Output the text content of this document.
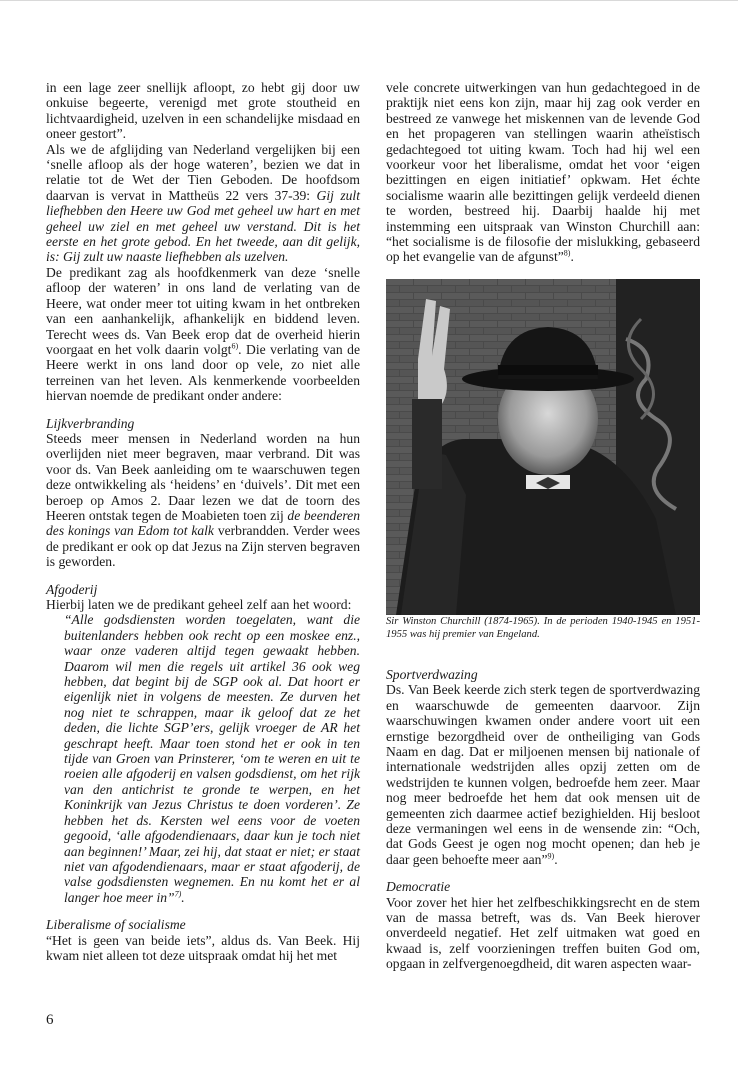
in een lage zeer snellijk afloopt, zo hebt gij door uw onkuise begeerte, verenigd met grote stoutheid en lichtvaardigheid, uzelven in een schandelijke misdaad en oneer gestort”.

Als we de afglijding van Nederland vergelijken bij een ‘snelle afloop als der hoge wateren’, bezien we dat in relatie tot de Wet der Tien Geboden. De hoofdsom daarvan is vervat in Mattheüs 22 vers 37-39: Gij zult liefhebben den Heere uw God met geheel uw hart en met geheel uw ziel en met geheel uw verstand. Dit is het eerste en het grote gebod. En het tweede, aan dit gelijk, is: Gij zult uw naaste liefhebben als uzelven.

De predikant zag als hoofdkenmerk van deze ‘snelle afloop der wateren’ in ons land de verlating van de Heere, wat onder meer tot uiting kwam in het ontbreken van een aanhankelijk, afhankelijk en biddend leven. Terecht wees ds. Van Beek erop dat de overheid hierin voorgaat en het volk daarin volgt$^{6)}$. Die verlating van de Heere werkt in ons land door op vele, zo niet alle terreinen van het leven. Als kenmerkende voorbeelden hiervan noemde de predikant onder andere:

Lijkverbranding

Steeds meer mensen in Nederland worden na hun overlijden niet meer begraven, maar verbrand. Dit was voor ds. Van Beek aanleiding om te waarschuwen tegen deze ontwikkeling als ‘heidens’ en ‘duivels’. Dit met een beroep op Amos 2. Daar lezen we dat de toorn des Heeren ontstak tegen de Moabieten toen zij de beenderen des konings van Edom tot kalk verbrandden. Verder wees de predikant er ook op dat Jezus na Zijn sterven begraven is geworden.

Afgoderij

Hierbij laten we de predikant geheel zelf aan het woord:

“Alle godsdiensten worden toegelaten, want die buitenlanders hebben ook recht op een moskee enz., waar onze vaderen altijd tegen gewaakt hebben. Daarom wil men die regels uit artikel 36 ook weg hebben, dat begint bij de SGP ook al. Dat hoort er eigenlijk niet in volgens de meesten. Ze durven het nog niet te schrappen, maar ik geloof dat ze het deden, die lichte SGP’ers, gelijk vroeger de AR het geschrapt heeft. Maar toen stond het er ook in ten tijde van Groen van Prinsterer, ‘om te weren en uit te roeien alle afgoderij en valsen godsdienst, om het rijk van den antichrist te gronde te werpen, en het Koninkrijk van Jezus Christus te doen vorderen’. Ze hebben het ds. Kersten wel eens voor de voeten gegooid, ‘alle afgodendienaars, daar kun je toch niet aan beginnen!’ Maar, zei hij, dat staat er niet; er staat niet van afgodendienaars, maar er staat afgoderij, de valse godsdiensten wegnemen. En nu komt het er al langer hoe meer in”$^{7)}$.

Liberalisme of socialisme

“Het is geen van beide iets”, aldus ds. Van Beek. Hij kwam niet alleen tot deze uitspraak omdat hij het met

vele concrete uitwerkingen van hun gedachtegoed in de praktijk niet eens kon zijn, maar hij zag ook verder en bestreed ze vanwege het miskennen van de levende God en het propageren van stellingen waarin atheïstisch gedachtegoed tot uiting kwam. Toch had hij wel een voorkeur voor het liberalisme, omdat het voor ‘eigen bezittingen en eigen initiatief’ opkwam. Het échte socialisme waarin alle bezittingen gelijk verdeeld dienen te worden, bestreed hij. Daarbij haalde hij met instemming een uitspraak van Winston Churchill aan: “het socialisme is de filosofie der mislukking, gebaseerd op het evangelie van de afgunst”$^{8)}$.

Sir Winston Churchill (1874-1965). In de perioden 1940-1945 en 1951-1955 was hij premier van Engeland.

Sportverdwazing

Ds. Van Beek keerde zich sterk tegen de sportverdwazing en waarschuwde de gemeenten daarvoor. Zijn waarschuwingen kwamen onder andere voort uit een ernstige bezorgdheid over de ontheiliging van Gods Naam en dag. Dat er miljoenen mensen bij nationale of internationale wedstrijden alles opzij zetten om de wedstrijden te kunnen volgen, bedroefde hem zeer. Maar nog meer bedroefde het hem dat ook mensen uit de gemeenten zich daarmee actief bezighielden. Hij besloot deze vermaningen wel eens in de wensende zin: “Och, dat Gods Geest je ogen nog mocht openen; dan heb je daar geen behoefte meer aan”$^{9)}$.

Democratie

Voor zover het hier het zelfbeschikkingsrecht en de stem van de massa betreft, was ds. Van Beek hierover onverdeeld negatief. Het zelf uitmaken wat goed en kwaad is, zelf voorzieningen treffen buiten God om, opgaan in zelfvergenoegdheid, dit waren aspecten waar-

6
